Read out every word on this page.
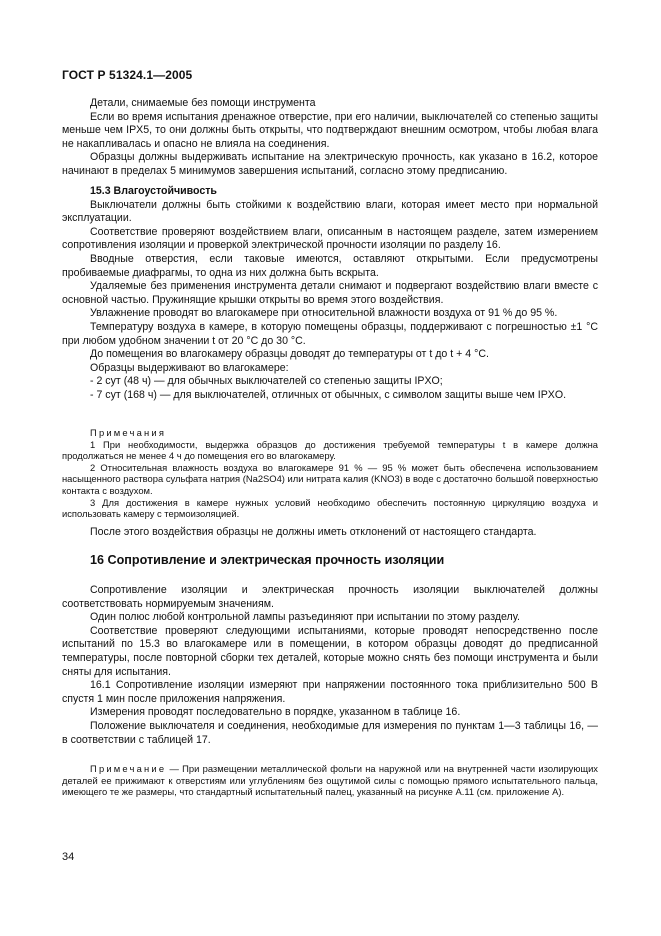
ГОСТ Р 51324.1—2005

Детали, снимаемые без помощи инструмента

Если во время испытания дренажное отверстие, при его наличии, выключателей со степенью защиты меньше чем IPX5, то они должны быть открыты, что подтверждают внешним осмотром, чтобы любая влага не накапливалась и опасно не влияла на соединения.

Образцы должны выдерживать испытание на электрическую прочность, как указано в 16.2, которое начинают в пределах 5 минимумов завершения испытаний, согласно этому предписанию.

15.3 Влагоустойчивость

Выключатели должны быть стойкими к воздействию влаги, которая имеет место при нормальной эксплуатации.

Соответствие проверяют воздействием влаги, описанным в настоящем разделе, затем измерением сопротивления изоляции и проверкой электрической прочности изоляции по разделу 16.

Вводные отверстия, если таковые имеются, оставляют открытыми. Если предусмотрены пробиваемые диафрагмы, то одна из них должна быть вскрыта.

Удаляемые без применения инструмента детали снимают и подвергают воздействию влаги вместе с основной частью. Пружинящие крышки открыты во время этого воздействия.

Увлажнение проводят во влагокамере при относительной влажности воздуха от 91 % до 95 %.

Температуру воздуха в камере, в которую помещены образцы, поддерживают с погрешностью ±1 °С при любом удобном значении t от 20 °С до 30 °С.

До помещения во влагокамеру образцы доводят до температуры от t до t + 4 °С.

Образцы выдерживают во влагокамере:

- 2 сут (48 ч) — для обычных выключателей со степенью защиты IPXO;

- 7 сут (168 ч) — для выключателей, отличных от обычных, с символом защиты выше чем IPXO.

Примечания

1 При необходимости, выдержка образцов до достижения требуемой температуры t в камере должна продолжаться не менее 4 ч до помещения его во влагокамеру.

2 Относительная влажность воздуха во влагокамере 91 % — 95 % может быть обеспечена использованием насыщенного раствора сульфата натрия (Na2SO4) или нитрата калия (KNO3) в воде с достаточно большой поверхностью контакта с воздухом.

3 Для достижения в камере нужных условий необходимо обеспечить постоянную циркуляцию воздуха и использовать камеру с термоизоляцией.

После этого воздействия образцы не должны иметь отклонений от настоящего стандарта.

16 Сопротивление и электрическая прочность изоляции

Сопротивление изоляции и электрическая прочность изоляции выключателей должны соответствовать нормируемым значениям.

Один полюс любой контрольной лампы разъединяют при испытании по этому разделу.

Соответствие проверяют следующими испытаниями, которые проводят непосредственно после испытаний по 15.3 во влагокамере или в помещении, в котором образцы доводят до предписанной температуры, после повторной сборки тех деталей, которые можно снять без помощи инструмента и были сняты для испытания.

16.1 Сопротивление изоляции измеряют при напряжении постоянного тока приблизительно 500 В спустя 1 мин после приложения напряжения.

Измерения проводят последовательно в порядке, указанном в таблице 16.

Положение выключателя и соединения, необходимые для измерения по пунктам 1—3 таблицы 16, — в соответствии с таблицей 17.

Примечание — При размещении металлической фольги на наружной или на внутренней части изолирующих деталей ее прижимают к отверстиям или углублениям без ощутимой силы с помощью прямого испытательного пальца, имеющего те же размеры, что стандартный испытательный палец, указанный на рисунке А.11 (см. приложение А).

34
